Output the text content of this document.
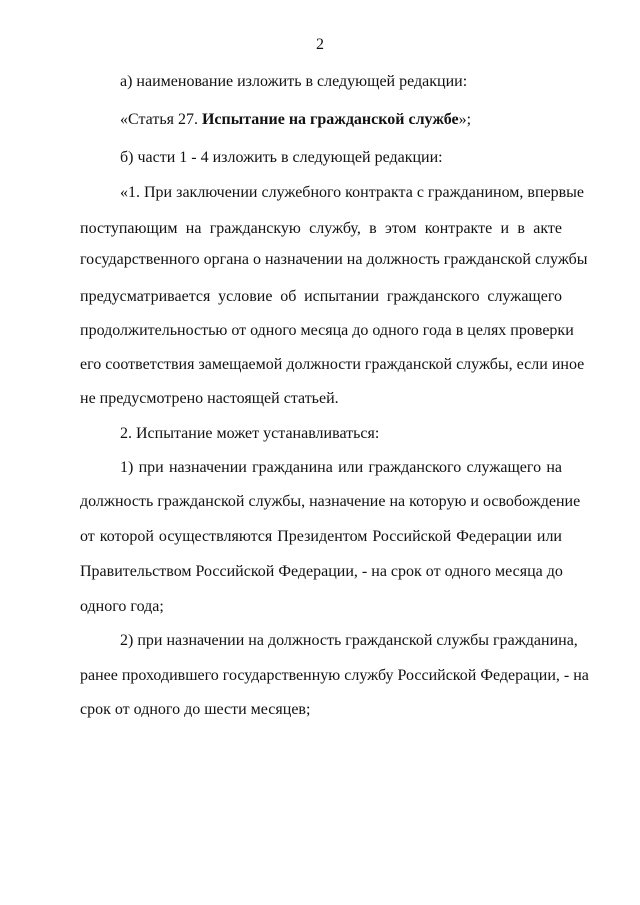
2
а) наименование изложить в следующей редакции:
«Статья 27. Испытание на гражданской службе»;
б) части 1 - 4 изложить в следующей редакции:
«1. При заключении служебного контракта с гражданином, впервые
поступающим на гражданскую службу, в этом контракте и в акте
государственного органа о назначении на должность гражданской службы
предусматривается условие об испытании гражданского служащего
продолжительностью от одного месяца до одного года в целях проверки
его соответствия замещаемой должности гражданской службы, если иное
не предусмотрено настоящей статьей.
2. Испытание может устанавливаться:
1) при назначении гражданина или гражданского служащего на
должность гражданской службы, назначение на которую и освобождение
от которой осуществляются Президентом Российской Федерации или
Правительством Российской Федерации, - на срок от одного месяца до
одного года;
2) при назначении на должность гражданской службы гражданина,
ранее проходившего государственную службу Российской Федерации, - на
срок от одного до шести месяцев;
